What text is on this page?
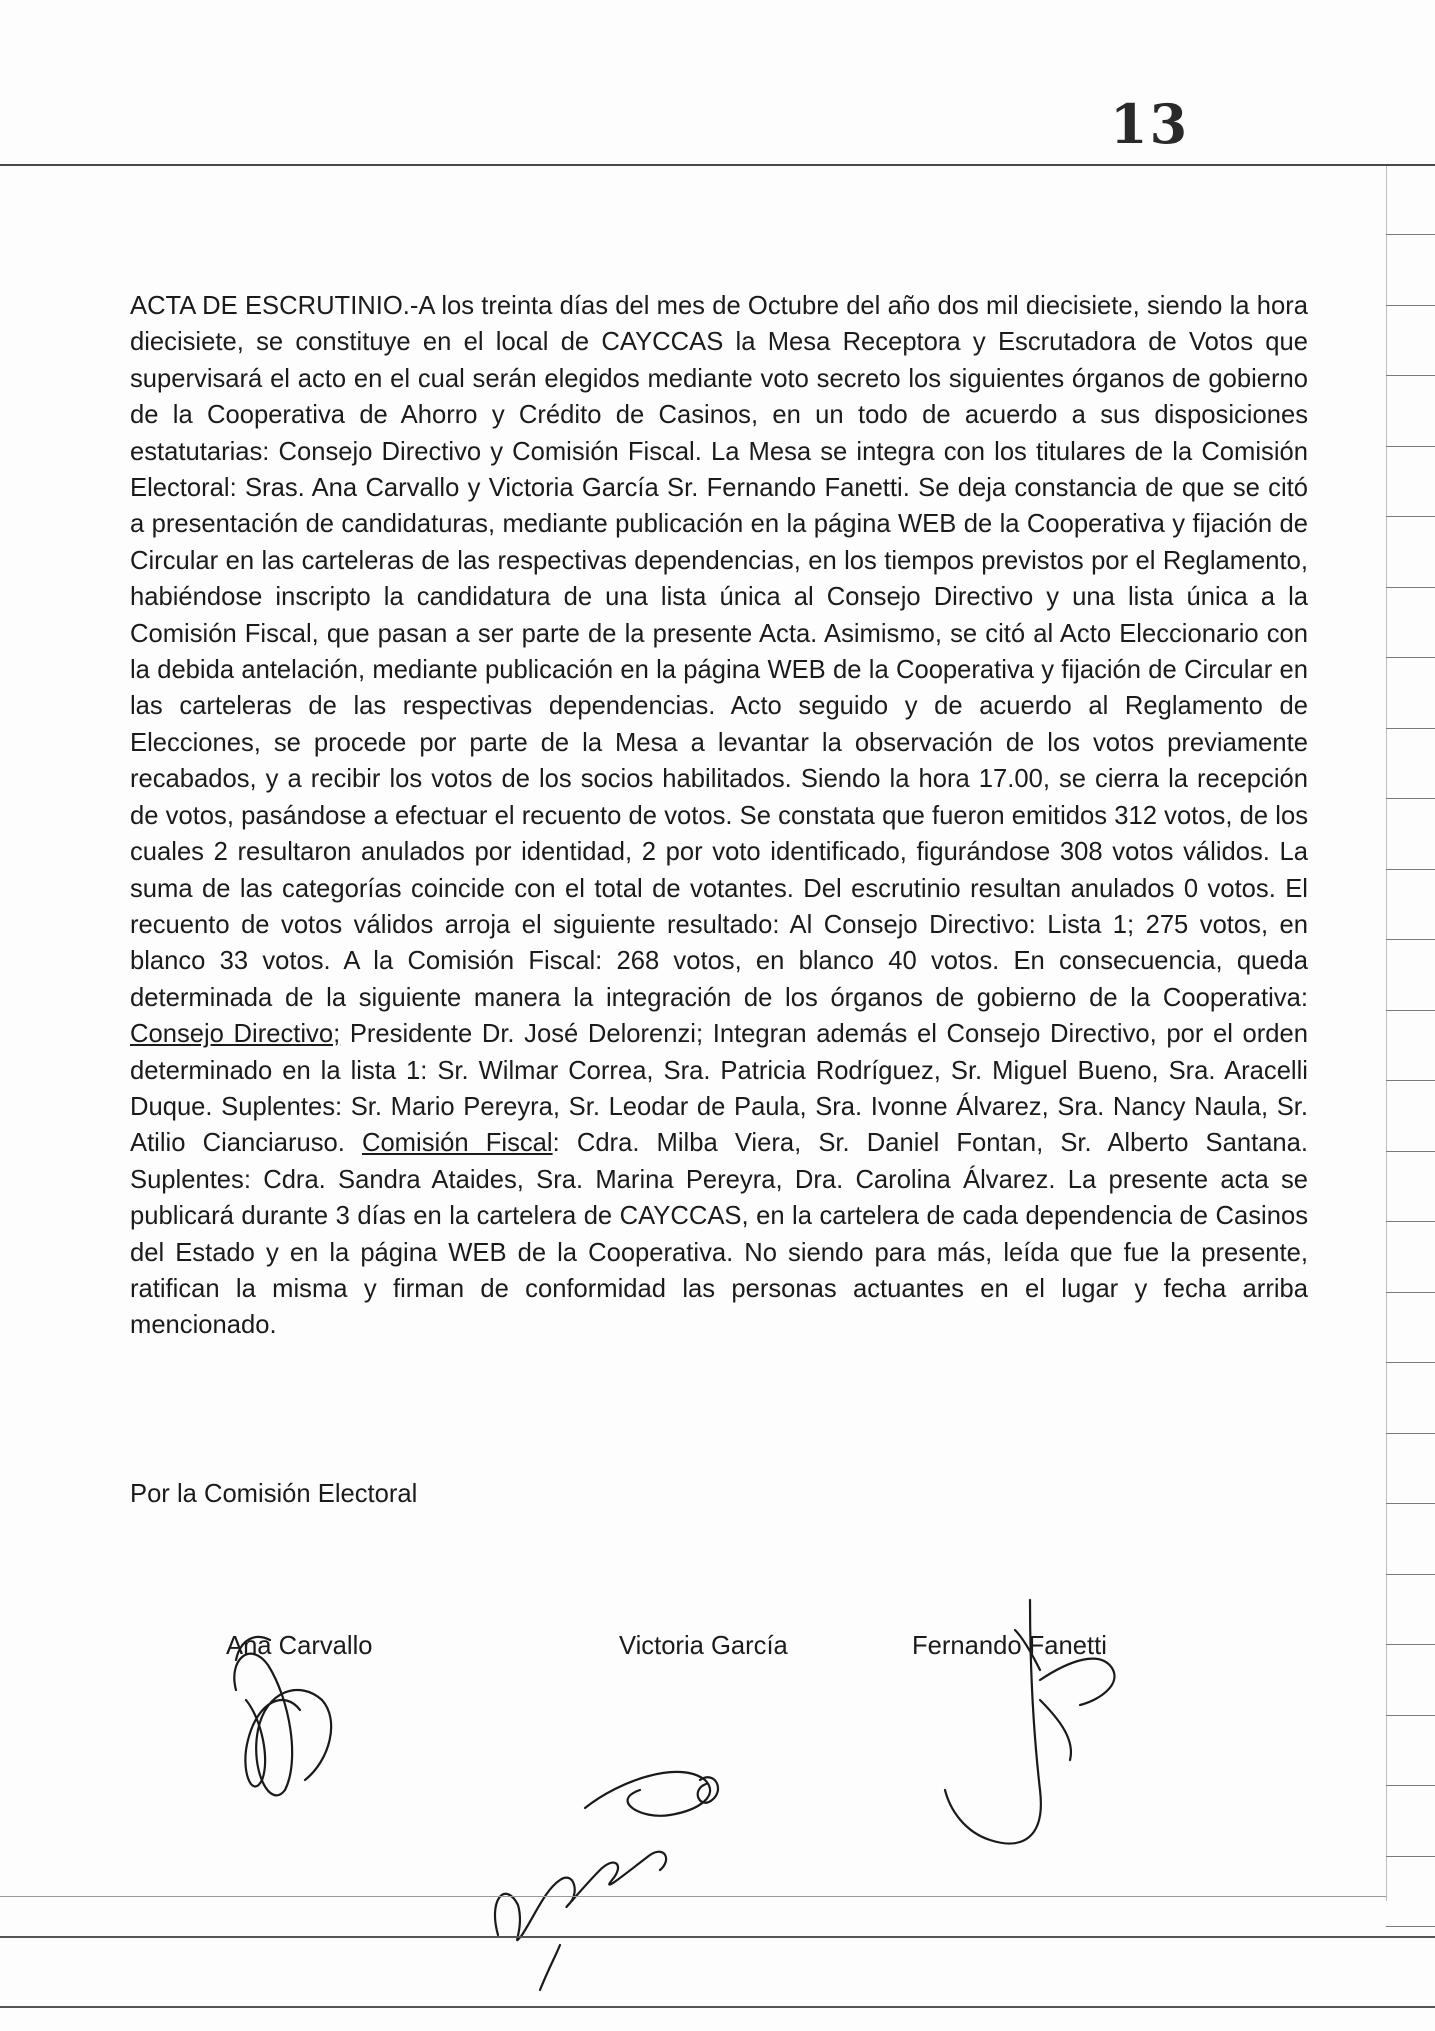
13
ACTA DE ESCRUTINIO.-A los treinta días del mes de Octubre del año dos mil diecisiete, siendo la hora diecisiete, se constituye en el local de CAYCCAS la Mesa Receptora y Escrutadora de Votos que supervisará el acto en el cual serán elegidos mediante voto secreto los siguientes órganos de gobierno de la Cooperativa de Ahorro y Crédito de Casinos, en un todo de acuerdo a sus disposiciones estatutarias: Consejo Directivo y Comisión Fiscal. La Mesa se integra con los titulares de la Comisión Electoral: Sras. Ana Carvallo y Victoria García Sr. Fernando Fanetti. Se deja constancia de que se citó a presentación de candidaturas, mediante publicación en la página WEB de la Cooperativa y fijación de Circular en las carteleras de las respectivas dependencias, en los tiempos previstos por el Reglamento, habiéndose inscripto la candidatura de una lista única al Consejo Directivo y una lista única a la Comisión Fiscal, que pasan a ser parte de la presente Acta. Asimismo, se citó al Acto Eleccionario con la debida antelación, mediante publicación en la página WEB de la Cooperativa y fijación de Circular en las carteleras de las respectivas dependencias. Acto seguido y de acuerdo al Reglamento de Elecciones, se procede por parte de la Mesa a levantar la observación de los votos previamente recabados, y a recibir los votos de los socios habilitados. Siendo la hora 17.00, se cierra la recepción de votos, pasándose a efectuar el recuento de votos. Se constata que fueron emitidos 312 votos, de los cuales 2 resultaron anulados por identidad, 2 por voto identificado, figurándose 308 votos válidos. La suma de las categorías coincide con el total de votantes. Del escrutinio resultan anulados 0 votos. El recuento de votos válidos arroja el siguiente resultado: Al Consejo Directivo: Lista 1; 275 votos, en blanco 33 votos. A la Comisión Fiscal: 268 votos, en blanco 40 votos. En consecuencia, queda determinada de la siguiente manera la integración de los órganos de gobierno de la Cooperativa: Consejo Directivo; Presidente Dr. José Delorenzi; Integran además el Consejo Directivo, por el orden determinado en la lista 1: Sr. Wilmar Correa, Sra. Patricia Rodríguez, Sr. Miguel Bueno, Sra. Aracelli Duque. Suplentes: Sr. Mario Pereyra, Sr. Leodar de Paula, Sra. Ivonne Álvarez, Sra. Nancy Naula, Sr. Atilio Cianciaruso. Comisión Fiscal: Cdra. Milba Viera, Sr. Daniel Fontan, Sr. Alberto Santana. Suplentes: Cdra. Sandra Ataides, Sra. Marina Pereyra, Dra. Carolina Álvarez. La presente acta se publicará durante 3 días en la cartelera de CAYCCAS, en la cartelera de cada dependencia de Casinos del Estado y en la página WEB de la Cooperativa. No siendo para más, leída que fue la presente, ratifican la misma y firman de conformidad las personas actuantes en el lugar y fecha arriba mencionado.
Por la Comisión Electoral
Ana Carvallo	Victoria García	Fernando Fanetti
